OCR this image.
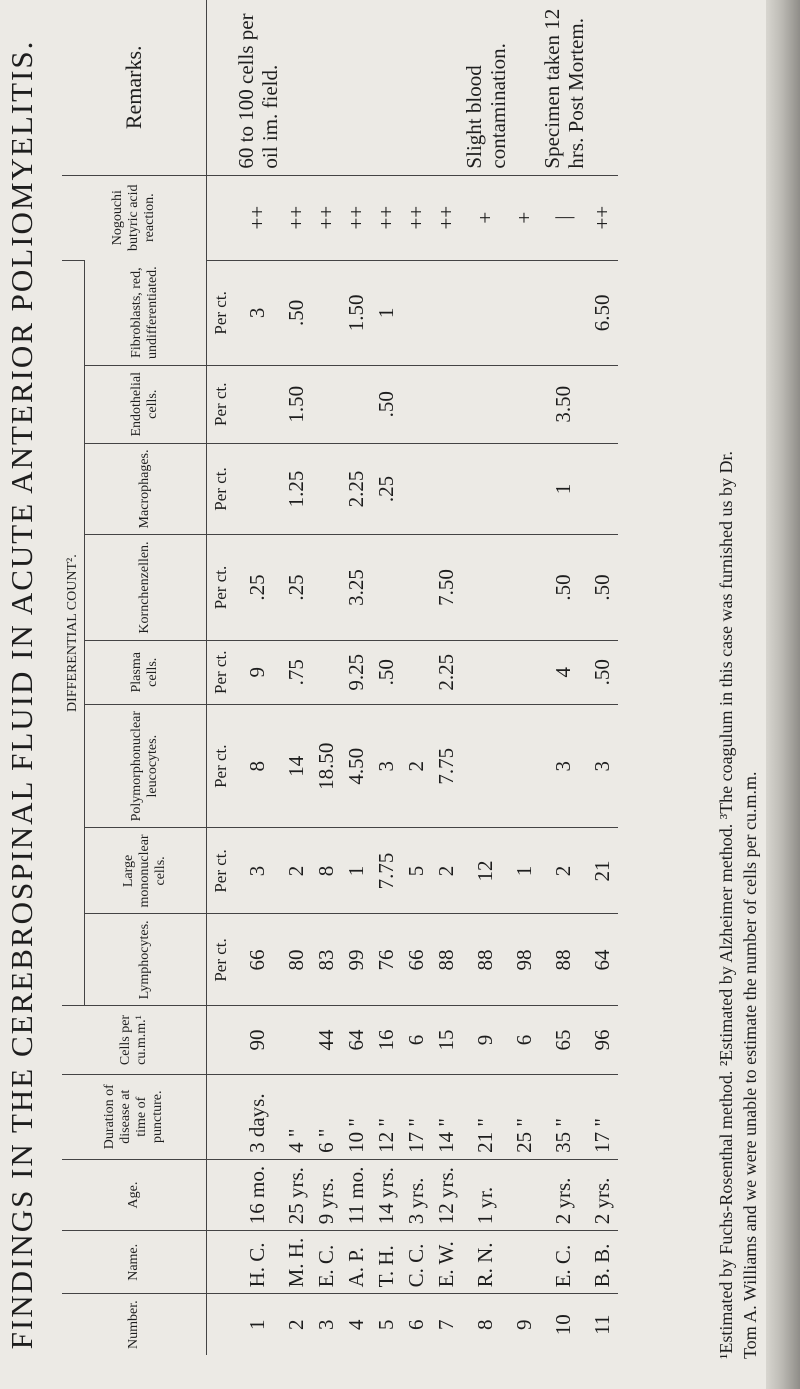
FINDINGS IN THE CEREBROSPINAL FLUID IN ACUTE ANTERIOR POLIOMYELITIS.	Number.	Name.	Age.	Duration of disease at time of puncture.	Cells per cu.m.m.¹	DIFFERENTIAL COUNT².								Nogouchi butyric acid reaction.	Remarks.
					Lymphocytes.	Large mononuclear cells.	Polymorphonuclear leucocytes.	Plasma cells.	Kornchenzellen.	Macrophages.	Endothelial cells.	Fibroblasts, red, undifferentiated.		
					Per ct.	Per ct.	Per ct.	Per ct.	Per ct.	Per ct.	Per ct.	Per ct.		
1	H. C.	16 mo.	3 days.	90	66	3	8	9	.25			3	++	60 to 100 cells per oil im. field.
2	M. H.	25 yrs.	4 "		80	2	14	.75	.25	1.25	1.50	.50	++	
3	E. C.	9 yrs.	6 "	44	83	8	18.50						++	
4	A. P.	11 mo.	10 "	64	99	1	4.50	9.25	3.25	2.25		1.50	++	
5	T. H.	14 yrs.	12 "	16	76	7.75	3	.50		.25	.50	1	++	
6	C. C.	3 yrs.	17 "	6	66	5	2						++	
7	E. W.	12 yrs.	14 "	15	88	2	7.75	2.25	7.50				++	
8	R. N.	1 yr.	21 "	9	88	12							+	Slight blood contamination.
9			25 "	6	98	1							+	
10	E. C.	2 yrs.	35 "	65	88	2	3	4	.50	1	3.50		|	Specimen taken 12 hrs. Post Mortem.
11	B. B.	2 yrs.	17 "	96	64	21	3	.50	.50			6.50	++	
¹Estimated by Fuchs-Rosenthal method. ²Estimated by Alzheimer method. ³The coagulum in this case was furnished us by Dr. Tom A. Williams and we were unable to estimate the number of cells per cu.m.m.
